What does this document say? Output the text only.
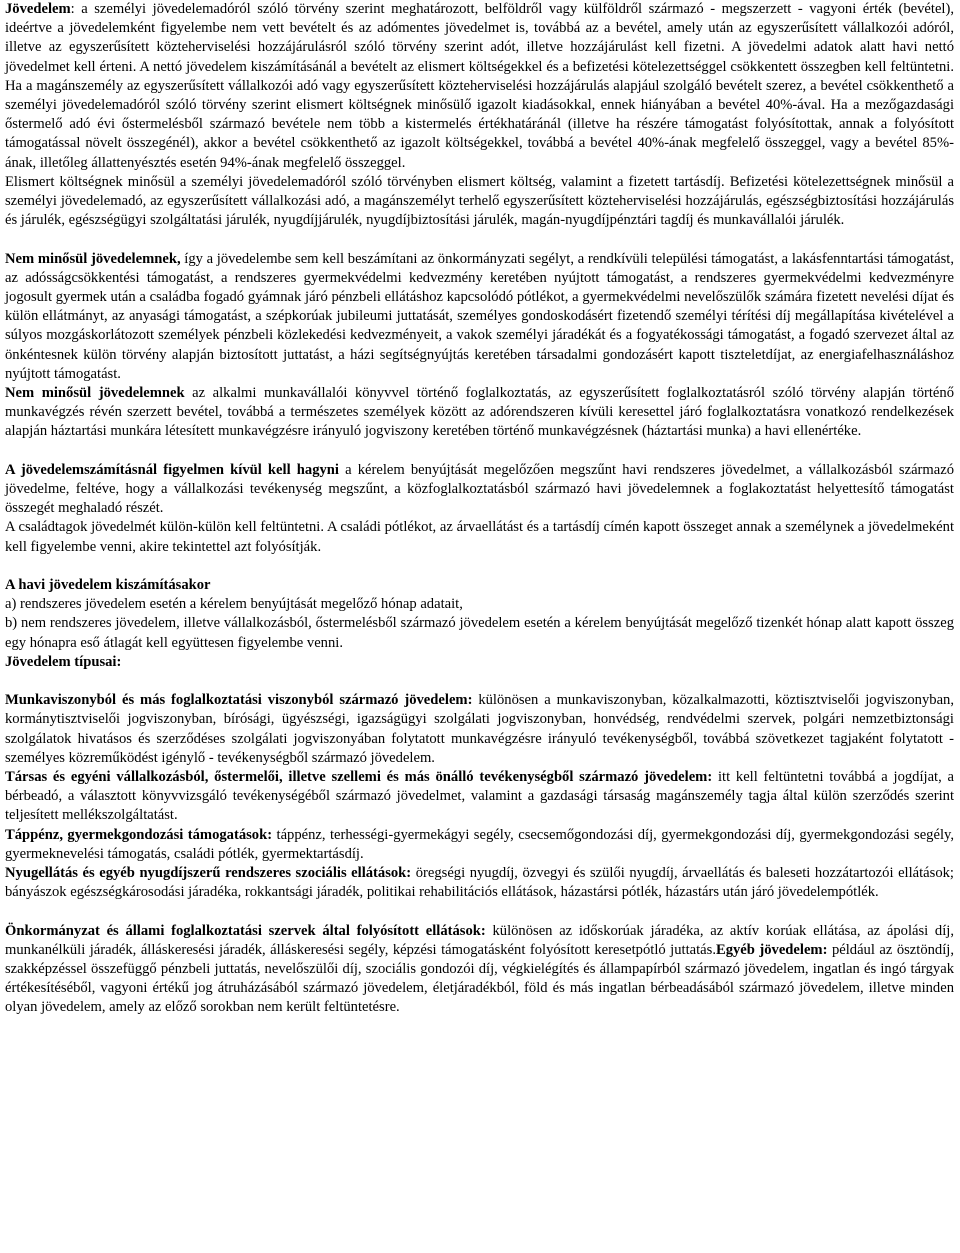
Jövedelem: a személyi jövedelemadóról szóló törvény szerint meghatározott, belföldről vagy külföldről származó - megszerzett - vagyoni érték (bevétel), ideértve a jövedelemként figyelembe nem vett bevételt és az adómentes jövedelmet is, továbbá az a bevétel, amely után az egyszerűsített vállalkozói adóról, illetve az egyszerűsített közteherviselési hozzájárulásról szóló törvény szerint adót, illetve hozzájárulást kell fizetni. A jövedelmi adatok alatt havi nettó jövedelmet kell érteni. A nettó jövedelem kiszámításánál a bevételt az elismert költségekkel és a befizetési kötelezettséggel csökkentett összegben kell feltüntetni. Ha a magánszemély az egyszerűsített vállalkozói adó vagy egyszerűsített közteherviselési hozzájárulás alapjául szolgáló bevételt szerez, a bevétel csökkenthető a személyi jövedelemadóról szóló törvény szerint elismert költségnek minősülő igazolt kiadásokkal, ennek hiányában a bevétel 40%-ával. Ha a mezőgazdasági őstermelő adó évi őstermelésből származó bevétele nem több a kistermelés értékhatáránál (illetve ha részére támogatást folyósítottak, annak a folyósított támogatással növelt összegénél), akkor a bevétel csökkenthető az igazolt költségekkel, továbbá a bevétel 40%-ának megfelelő összeggel, vagy a bevétel 85%-ának, illetőleg állattenyésztés esetén 94%-ának megfelelő összeggel.

Elismert költségnek minősül a személyi jövedelemadóról szóló törvényben elismert költség, valamint a fizetett tartásdíj. Befizetési kötelezettségnek minősül a személyi jövedelemadó, az egyszerűsített vállalkozási adó, a magánszemélyt terhelő egyszerűsített közteherviselési hozzájárulás, egészségbiztosítási hozzájárulás és járulék, egészségügyi szolgáltatási járulék, nyugdíjjárulék, nyugdíjbiztosítási járulék, magán-nyugdíjpénztári tagdíj és munkavállalói járulék.

Nem minősül jövedelemnek, így a jövedelembe sem kell beszámítani az önkormányzati segélyt, a rendkívüli települési támogatást, a lakásfenntartási támogatást, az adósságcsökkentési támogatást, a rendszeres gyermekvédelmi kedvezmény keretében nyújtott támogatást, a rendszeres gyermekvédelmi kedvezményre jogosult gyermek után a családba fogadó gyámnak járó pénzbeli ellátáshoz kapcsolódó pótlékot, a gyermekvédelmi nevelőszülők számára fizetett nevelési díjat és külön ellátmányt, az anyasági támogatást, a szépkorúak jubileumi juttatását, személyes gondoskodásért fizetendő személyi térítési díj megállapítása kivételével a súlyos mozgáskorlátozott személyek pénzbeli közlekedési kedvezményeit, a vakok személyi járadékát és a fogyatékossági támogatást, a fogadó szervezet által az önkéntesnek külön törvény alapján biztosított juttatást, a házi segítségnyújtás keretében társadalmi gondozásért kapott tiszteletdíjat, az energiafelhasználáshoz nyújtott támogatást.

Nem minősül jövedelemnek az alkalmi munkavállalói könyvvel történő foglalkoztatás, az egyszerűsített foglalkoztatásról szóló törvény alapján történő munkavégzés révén szerzett bevétel, továbbá a természetes személyek között az adórendszeren kívüli keresettel járó foglalkoztatásra vonatkozó rendelkezések alapján háztartási munkára létesített munkavégzésre irányuló jogviszony keretében történő munkavégzésnek (háztartási munka) a havi ellenértéke.

A jövedelemszámításnál figyelmen kívül kell hagyni a kérelem benyújtását megelőzően megszűnt havi rendszeres jövedelmet, a vállalkozásból származó jövedelme, feltéve, hogy a vállalkozási tevékenység megszűnt, a közfoglalkoztatásból származó havi jövedelemnek a foglakoztatást helyettesítő támogatást összegét meghaladó részét.

A családtagok jövedelmét külön-külön kell feltüntetni. A családi pótlékot, az árvaellátást és a tartásdíj címén kapott összeget annak a személynek a jövedelmeként kell figyelembe venni, akire tekintettel azt folyósítják.

A havi jövedelem kiszámításakor

a) rendszeres jövedelem esetén a kérelem benyújtását megelőző hónap adatait,

b) nem rendszeres jövedelem, illetve vállalkozásból, őstermelésből származó jövedelem esetén a kérelem benyújtását megelőző tizenkét hónap alatt kapott összeg egy hónapra eső átlagát kell együttesen figyelembe venni.

Jövedelem típusai:

Munkaviszonyból és más foglalkoztatási viszonyból származó jövedelem: különösen a munkaviszonyban, közalkalmazotti, köztisztviselői jogviszonyban, kormánytisztviselői jogviszonyban, bírósági, ügyészségi, igazságügyi szolgálati jogviszonyban, honvédség, rendvédelmi szervek, polgári nemzetbiztonsági szolgálatok hivatásos és szerződéses szolgálati jogviszonyában folytatott munkavégzésre irányuló tevékenységből, továbbá szövetkezet tagjaként folytatott - személyes közreműködést igénylő - tevékenységből származó jövedelem.

Társas és egyéni vállalkozásból, őstermelői, illetve szellemi és más önálló tevékenységből származó jövedelem: itt kell feltüntetni továbbá a jogdíjat, a bérbeadó, a választott könyvvizsgáló tevékenységéből származó jövedelmet, valamint a gazdasági társaság magánszemély tagja által külön szerződés szerint teljesített mellékszolgáltatást.

Táppénz, gyermekgondozási támogatások: táppénz, terhességi-gyermekágyi segély, csecsemőgondozási díj, gyermekgondozási díj, gyermekgondozási segély, gyermeknevelési támogatás, családi pótlék, gyermektartásdíj.

Nyugellátás és egyéb nyugdíjszerű rendszeres szociális ellátások: öregségi nyugdíj, özvegyi és szülői nyugdíj, árvaellátás és baleseti hozzátartozói ellátások; bányászok egészségkárosodási járadéka, rokkantsági járadék, politikai rehabilitációs ellátások, házastársi pótlék, házastárs után járó jövedelempótlék.

Önkormányzat és állami foglalkoztatási szervek által folyósított ellátások: különösen az időskorúak járadéka, az aktív korúak ellátása, az ápolási díj, munkanélküli járadék, álláskeresési járadék, álláskeresési segély, képzési támogatásként folyósított keresetpótló juttatás.Egyéb jövedelem: például az ösztöndíj, szakképzéssel összefüggő pénzbeli juttatás, nevelőszülői díj, szociális gondozói díj, végkielégítés és állampapírból származó jövedelem, ingatlan és ingó tárgyak értékesítéséből, vagyoni értékű jog átruházásából származó jövedelem, életjáradékból, föld és más ingatlan bérbeadásából származó jövedelem, illetve minden olyan jövedelem, amely az előző sorokban nem került feltüntetésre.
